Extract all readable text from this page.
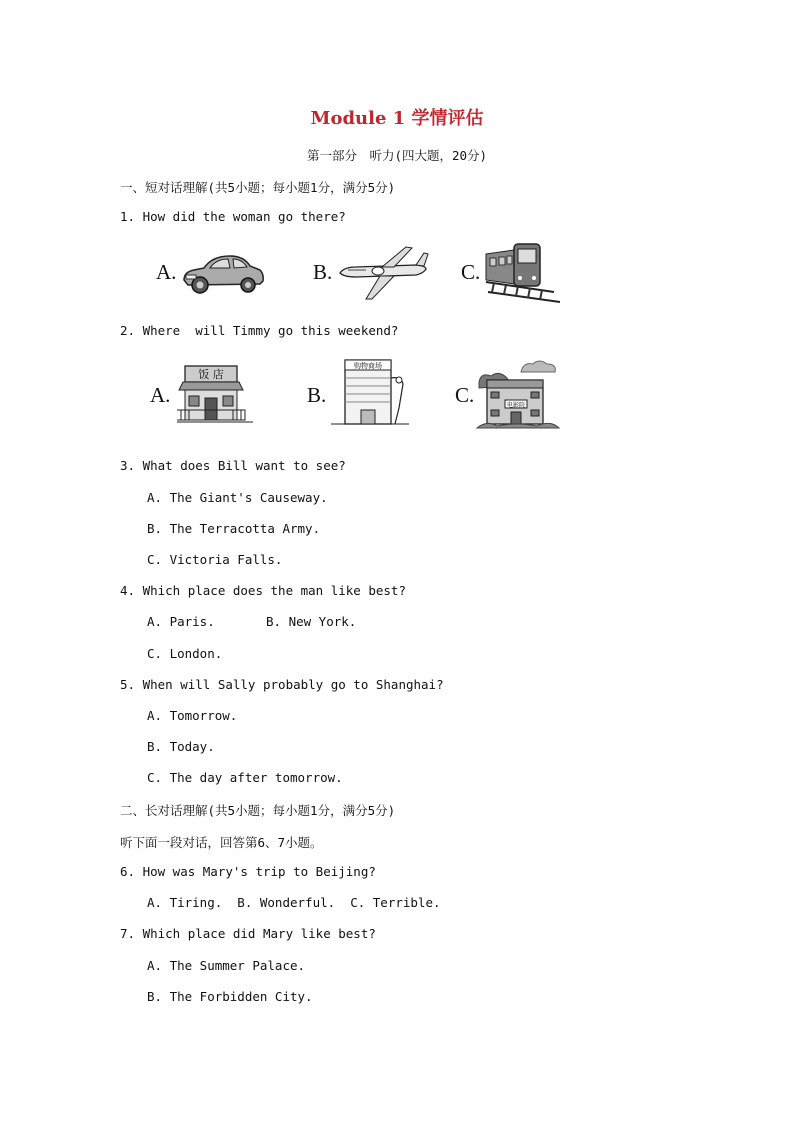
Module 1 学情评估
第一部分　听力(四大题，20分)
一、短对话理解(共5小题；每小题1分，满分5分)
1. How did the woman go there?
A.	B.	C.
2. Where  will Timmy go this weekend?
A.
饭 店
B.
购物商场
C.	电影院
3. What does Bill want to see?
A. The Giant's Causeway.
B. The Terracotta Army.
C. Victoria Falls.
4. Which place does the man like best?
A. Paris.	B. New York.
C. London.
5. When will Sally probably go to Shanghai?
A. Tomorrow.
B. Today.
C. The day after tomorrow.
二、长对话理解(共5小题；每小题1分，满分5分)
听下面一段对话，回答第6、7小题。
6. How was Mary's trip to Beijing?
A. Tiring.  B. Wonderful.  C. Terrible.
7. Which place did Mary like best?
A. The Summer Palace.
B. The Forbidden City.
